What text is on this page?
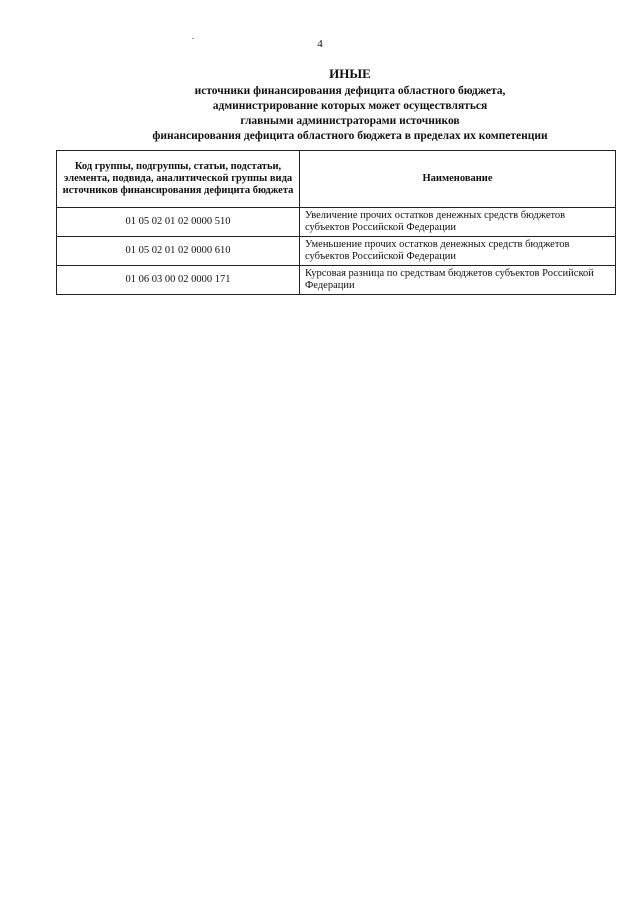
4
ИНЫЕ
источники финансирования дефицита областного бюджета,
администрирование которых может осуществляться
главными администраторами источников
финансирования дефицита областного бюджета в пределах их компетенции
Код группы, подгруппы, статьи, подстатьи, элемента, подвида, аналитической группы вида источников финансирования дефицита бюджета	Наименование
01 05 02 01 02 0000 510	Увеличение прочих остатков денежных средств бюджетов субъектов Российской Федерации
01 05 02 01 02 0000 610	Уменьшение прочих остатков денежных средств бюджетов субъектов Российской Федерации
01 06 03 00 02 0000 171	Курсовая разница по средствам бюджетов субъектов Российской Федерации
